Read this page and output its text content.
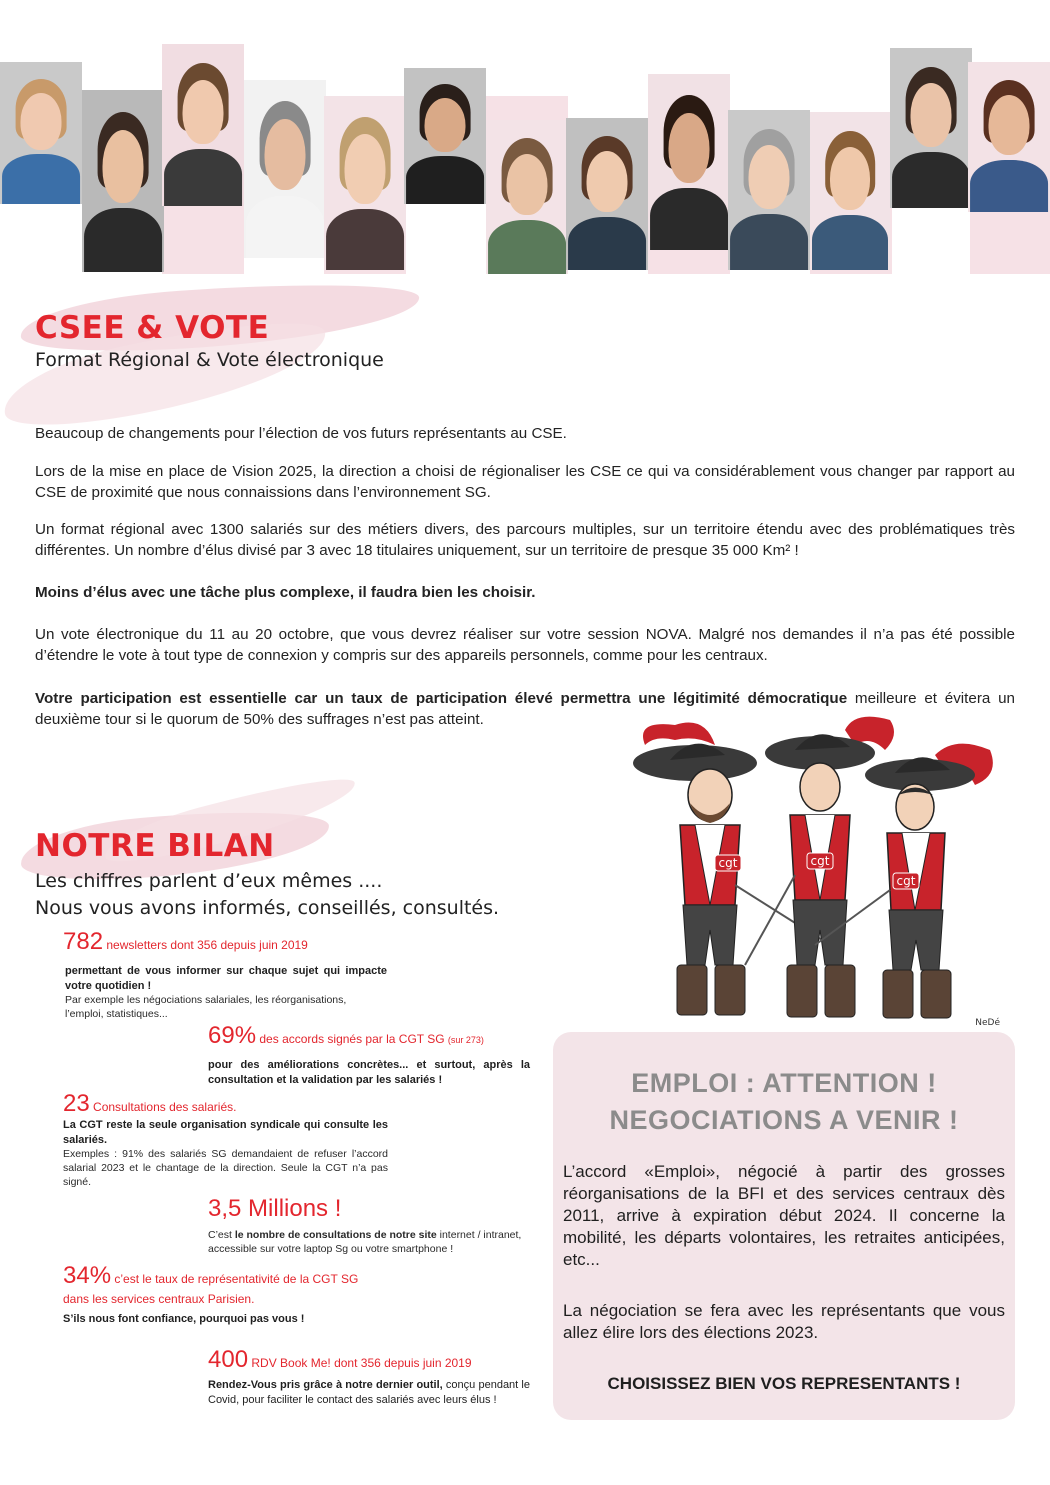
CSEE & VOTE

Format Régional & Vote électronique

Beaucoup de changements pour l’élection de vos futurs représentants au CSE.

Lors de la mise en place de Vision 2025, la direction a choisi de régionaliser les CSE ce qui va considérablement vous changer par rapport au CSE de proximité que nous connaissions dans l’environnement SG.

Un format régional avec 1300 salariés sur des métiers divers, des parcours multiples, sur un territoire étendu avec des problématiques très différentes. Un nombre d’élus divisé par 3 avec 18 titulaires uniquement, sur un territoire de presque 35 000 Km² !

Moins d’élus avec une tâche plus complexe, il faudra bien les choisir.

Un vote électronique du 11 au 20 octobre, que vous devrez réaliser sur votre session NOVA. Malgré nos demandes il n’a pas été possible d’étendre le vote à tout type de connexion y compris sur des appareils personnels, comme pour les centraux.

Votre participation est essentielle car un taux de participation élevé permettra une légitimité démocratique meilleure et évitera un deuxième tour si le quorum de 50% des suffrages n’est pas atteint.

NOTRE BILAN

Les chiffres parlent d’eux mêmes ....

Nous vous avons informés, conseillés, consultés.

782 newsletters dont 356 depuis juin 2019

permettant de vous informer sur chaque sujet qui impacte votre quotidien !

Par exemple les négociations salariales, les réorganisations, l’emploi, statistiques...

69% des accords signés par la CGT SG (sur 273)

pour des améliorations concrètes... et surtout, après la consultation et la validation par les salariés !

23 Consultations des salariés.

La CGT reste la seule organisation syndicale qui consulte les salariés.

Exemples : 91% des salariés SG demandaient de refuser l’accord salarial 2023 et le chantage de la direction. Seule la CGT n’a pas signé.

3,5 Millions !

C’est le nombre de consultations de notre site internet / intranet, accessible sur votre laptop Sg ou votre smartphone !

34% c’est le taux de représentativité de la CGT SG

dans les services centraux Parisien.

S’ils nous font confiance, pourquoi pas vous !

400 RDV Book Me! dont 356 depuis juin 2019

Rendez-Vous pris grâce à notre dernier outil, conçu pendant le Covid, pour faciliter le contact des salariés avec leurs élus !

cgt
cgt
cgt
NeDé

EMPLOI : ATTENTION !

NEGOCIATIONS A VENIR !

L’accord «Emploi», négocié à partir des grosses réorganisations de la BFI et des services centraux dès 2011, arrive à expiration début 2024. Il concerne la mobilité, les départs volontaires, les retraites anticipées, etc...

La négociation se fera avec les représentants que vous allez élire lors des élections 2023.

CHOISISSEZ BIEN VOS REPRESENTANTS !
